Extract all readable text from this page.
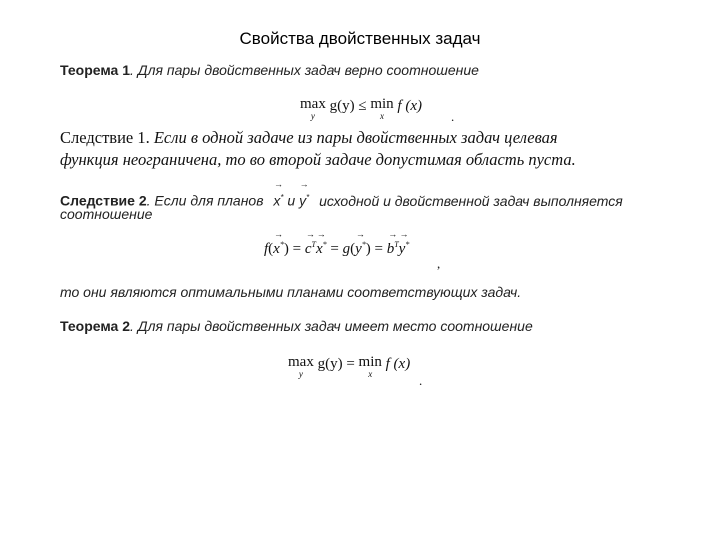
Свойства двойственных задач
Теорема 1. Для пары двойственных задач верно соотношение
max
y
g(y) ≤ min
x
f (x)
.
Следствие 1. Если в одной задаче из пары двойственных задач целевая
функция неограничена, то во второй задаче допустимая область пуста.
Следствие 2. Если для планов → x* и → y* исходной и двойственной задач выполняется
соотношение
f(→ x*) = → $c^T\to x^* = g(\to y^*)$ = → $b^T\to y^*$
,
то они являются оптимальными планами соответствующих задач.
Теорема 2. Для пары двойственных задач имеет место соотношение
max
y
g(y) = min
x
f (x)
.
